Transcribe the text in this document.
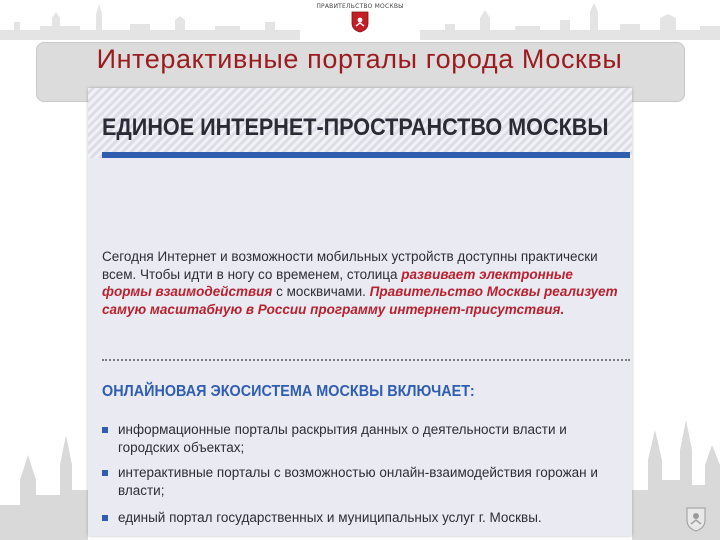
ПРАВИТЕЛЬСТВО МОСКВЫ
Интерактивные порталы города Москвы
ЕДИНОЕ ИНТЕРНЕТ-ПРОСТРАНСТВО МОСКВЫ
Сегодня Интернет и возможности мобильных устройств доступны практически всем. Чтобы идти в ногу со временем, столица развивает электронные формы взаимодействия с москвичами. Правительство Москвы реализует самую масштабную в России программу интернет-присутствия.
ОНЛАЙНОВАЯ ЭКОСИСТЕМА МОСКВЫ ВКЛЮЧАЕТ:
информационные порталы раскрытия данных о деятельности власти и городских объектах;
интерактивные порталы с возможностью онлайн-взаимодействия горожан и власти;
единый портал государственных и муниципальных услуг г. Москвы.
